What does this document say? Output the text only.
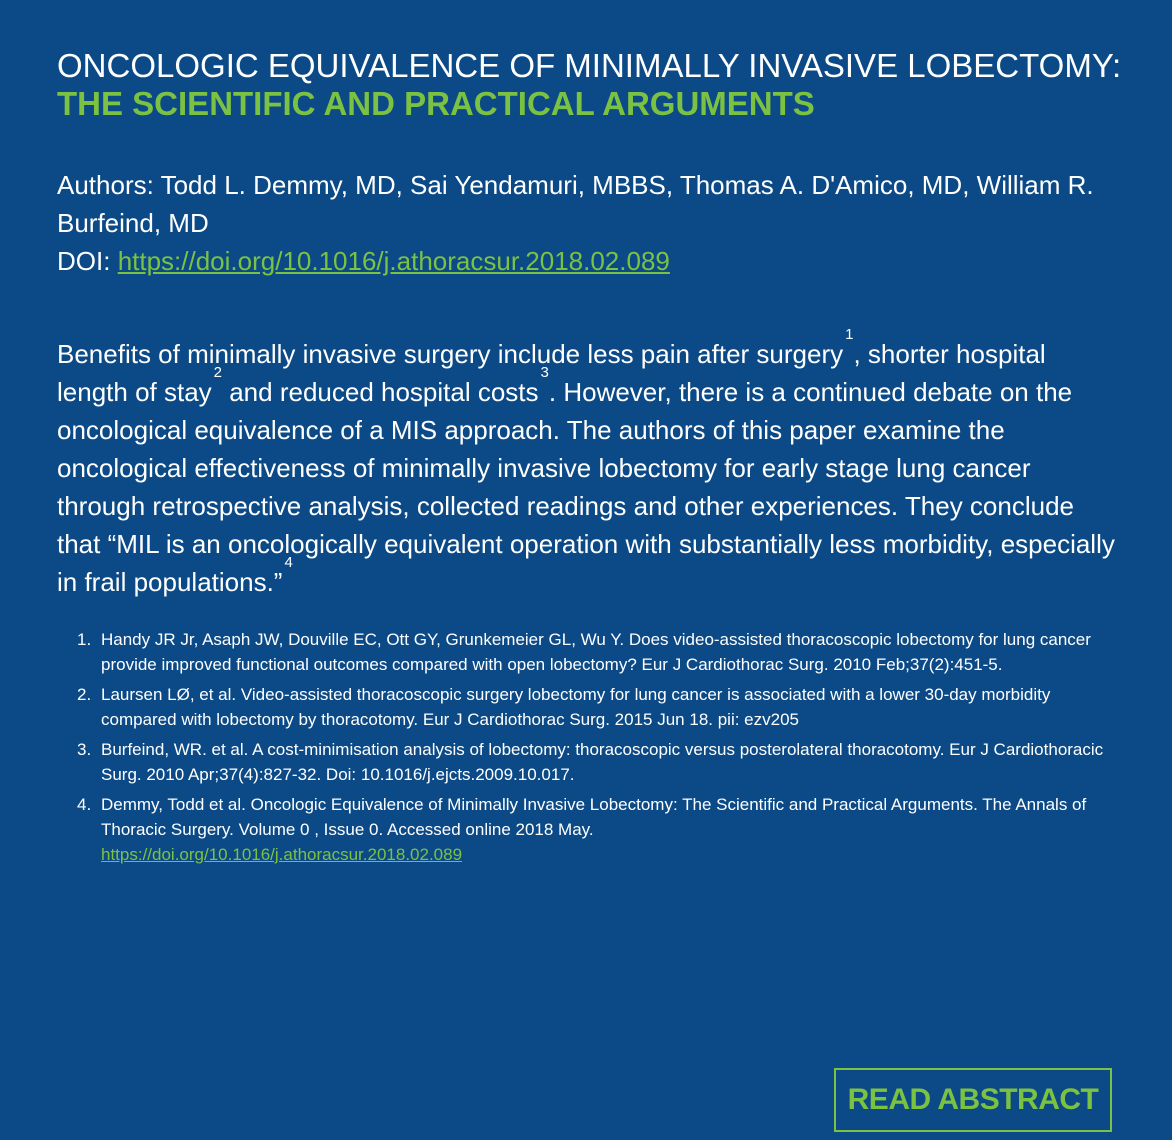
ONCOLOGIC EQUIVALENCE OF MINIMALLY INVASIVE LOBECTOMY:
THE SCIENTIFIC AND PRACTICAL ARGUMENTS
Authors: Todd L. Demmy, MD, Sai Yendamuri, MBBS, Thomas A. D'Amico, MD, William R. Burfeind, MD
DOI: https://doi.org/10.1016/j.athoracsur.2018.02.089
Benefits of minimally invasive surgery include less pain after surgery$^1$, shorter hospital length of stay$^2$ and reduced hospital costs$^3$. However, there is a continued debate on the oncological equivalence of a MIS approach. The authors of this paper examine the oncological effectiveness of minimally invasive lobectomy for early stage lung cancer through retrospective analysis, collected readings and other experiences. They conclude that “MIL is an oncologically equivalent operation with substantially less morbidity, especially in frail populations.”$^4$
1. Handy JR Jr, Asaph JW, Douville EC, Ott GY, Grunkemeier GL, Wu Y. Does video-assisted thoracoscopic lobectomy for lung cancer provide improved functional outcomes compared with open lobectomy? Eur J Cardiothorac Surg. 2010 Feb;37(2):451-5.
2. Laursen LØ, et al. Video-assisted thoracoscopic surgery lobectomy for lung cancer is associated with a lower 30-day morbidity compared with lobectomy by thoracotomy. Eur J Cardiothorac Surg. 2015 Jun 18. pii: ezv205
3. Burfeind, WR. et al. A cost-minimisation analysis of lobectomy: thoracoscopic versus posterolateral thoracotomy. Eur J Cardiothoracic Surg. 2010 Apr;37(4):827-32. Doi: 10.1016/j.ejcts.2009.10.017.
4. Demmy, Todd et al. Oncologic Equivalence of Minimally Invasive Lobectomy: The Scientific and Practical Arguments. The Annals of Thoracic Surgery. Volume 0 , Issue 0. Accessed online 2018 May.
https://doi.org/10.1016/j.athoracsur.2018.02.089
READ ABSTRACT
